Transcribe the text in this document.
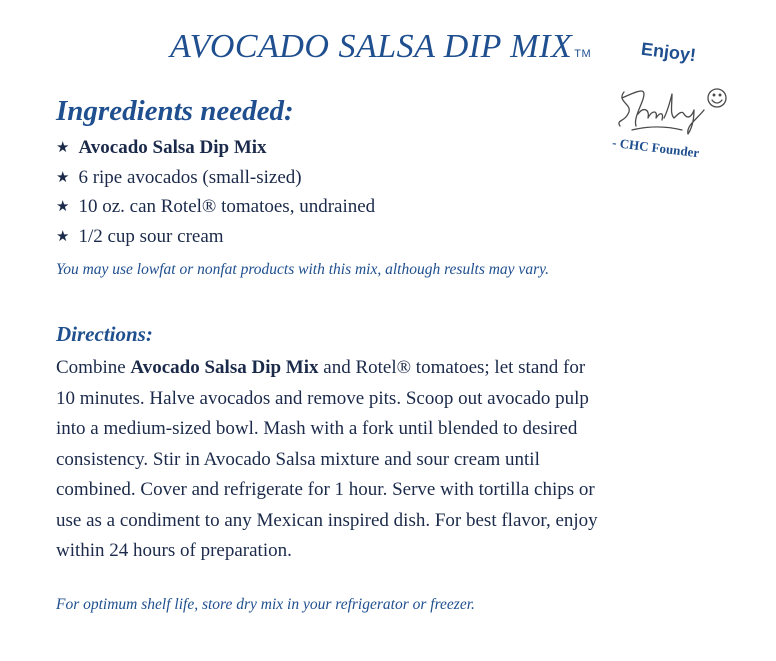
AVOCADO SALSA DIP MIX TM	Enjoy!
- CHC Founder
Ingredients needed:
★ Avocado Salsa Dip Mix
★ 6 ripe avocados (small-sized)
★ 10 oz. can Rotel® tomatoes, undrained
★ 1/2 cup sour cream
You may use lowfat or nonfat products with this mix, although results may vary.
Directions:

Combine Avocado Salsa Dip Mix and Rotel® tomatoes; let stand for
10 minutes. Halve avocados and remove pits. Scoop out avocado pulp
into a medium-sized bowl. Mash with a fork until blended to desired
consistency. Stir in Avocado Salsa mixture and sour cream until
combined. Cover and refrigerate for 1 hour. Serve with tortilla chips or
use as a condiment to any Mexican inspired dish. For best flavor, enjoy
within 24 hours of preparation.

For optimum shelf life, store dry mix in your refrigerator or freezer.
